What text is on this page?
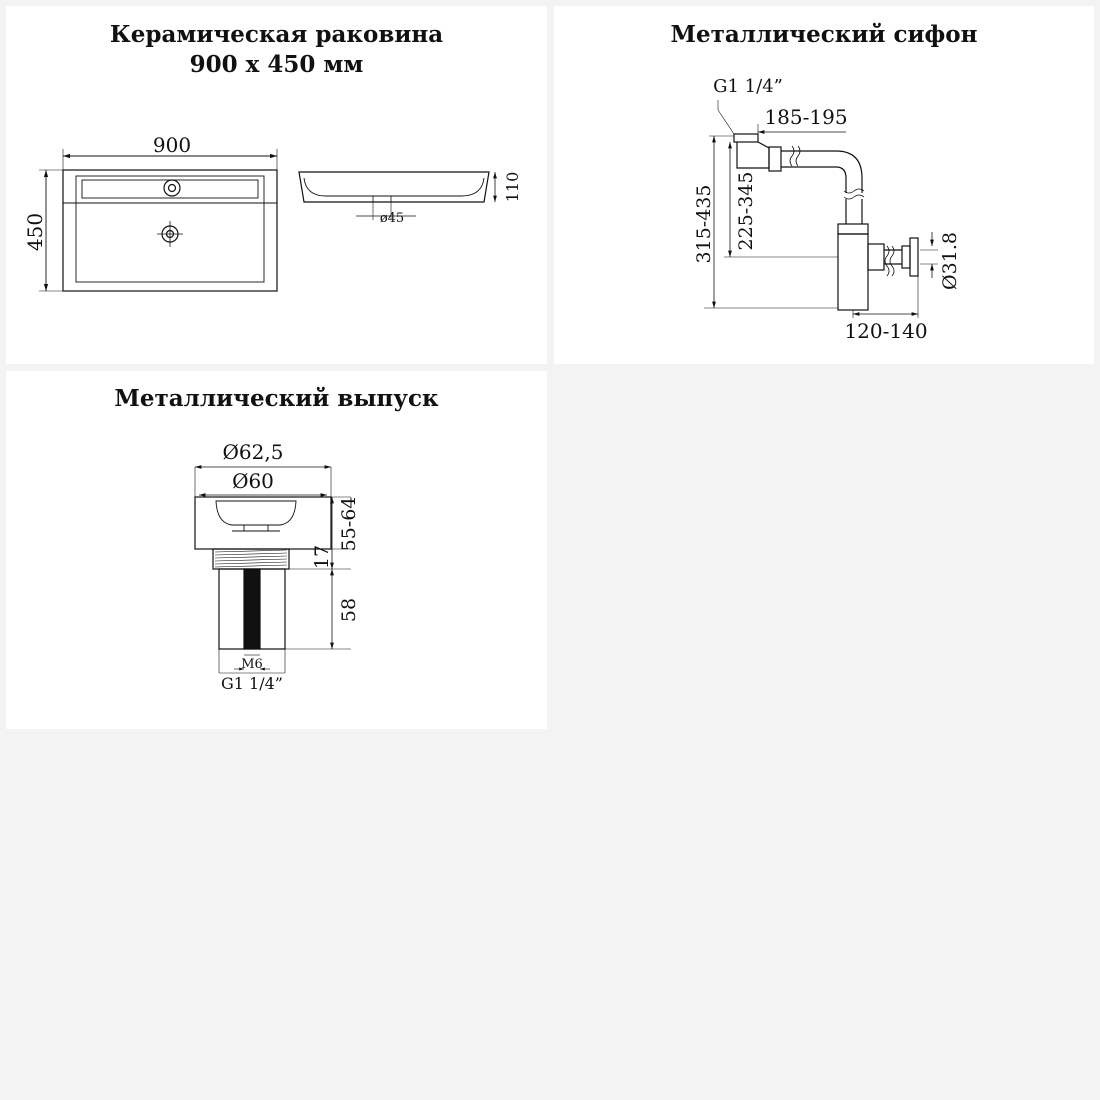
Керамическая раковина
900 x 450 мм
900
450
110
ø45
Металлический сифон
G1 1/4”
185-195
315-435 225-345
Ø31.8
120-140
Металлический выпуск
Ø62,5
Ø60
55-64
17
58
M6
G1 1/4”
